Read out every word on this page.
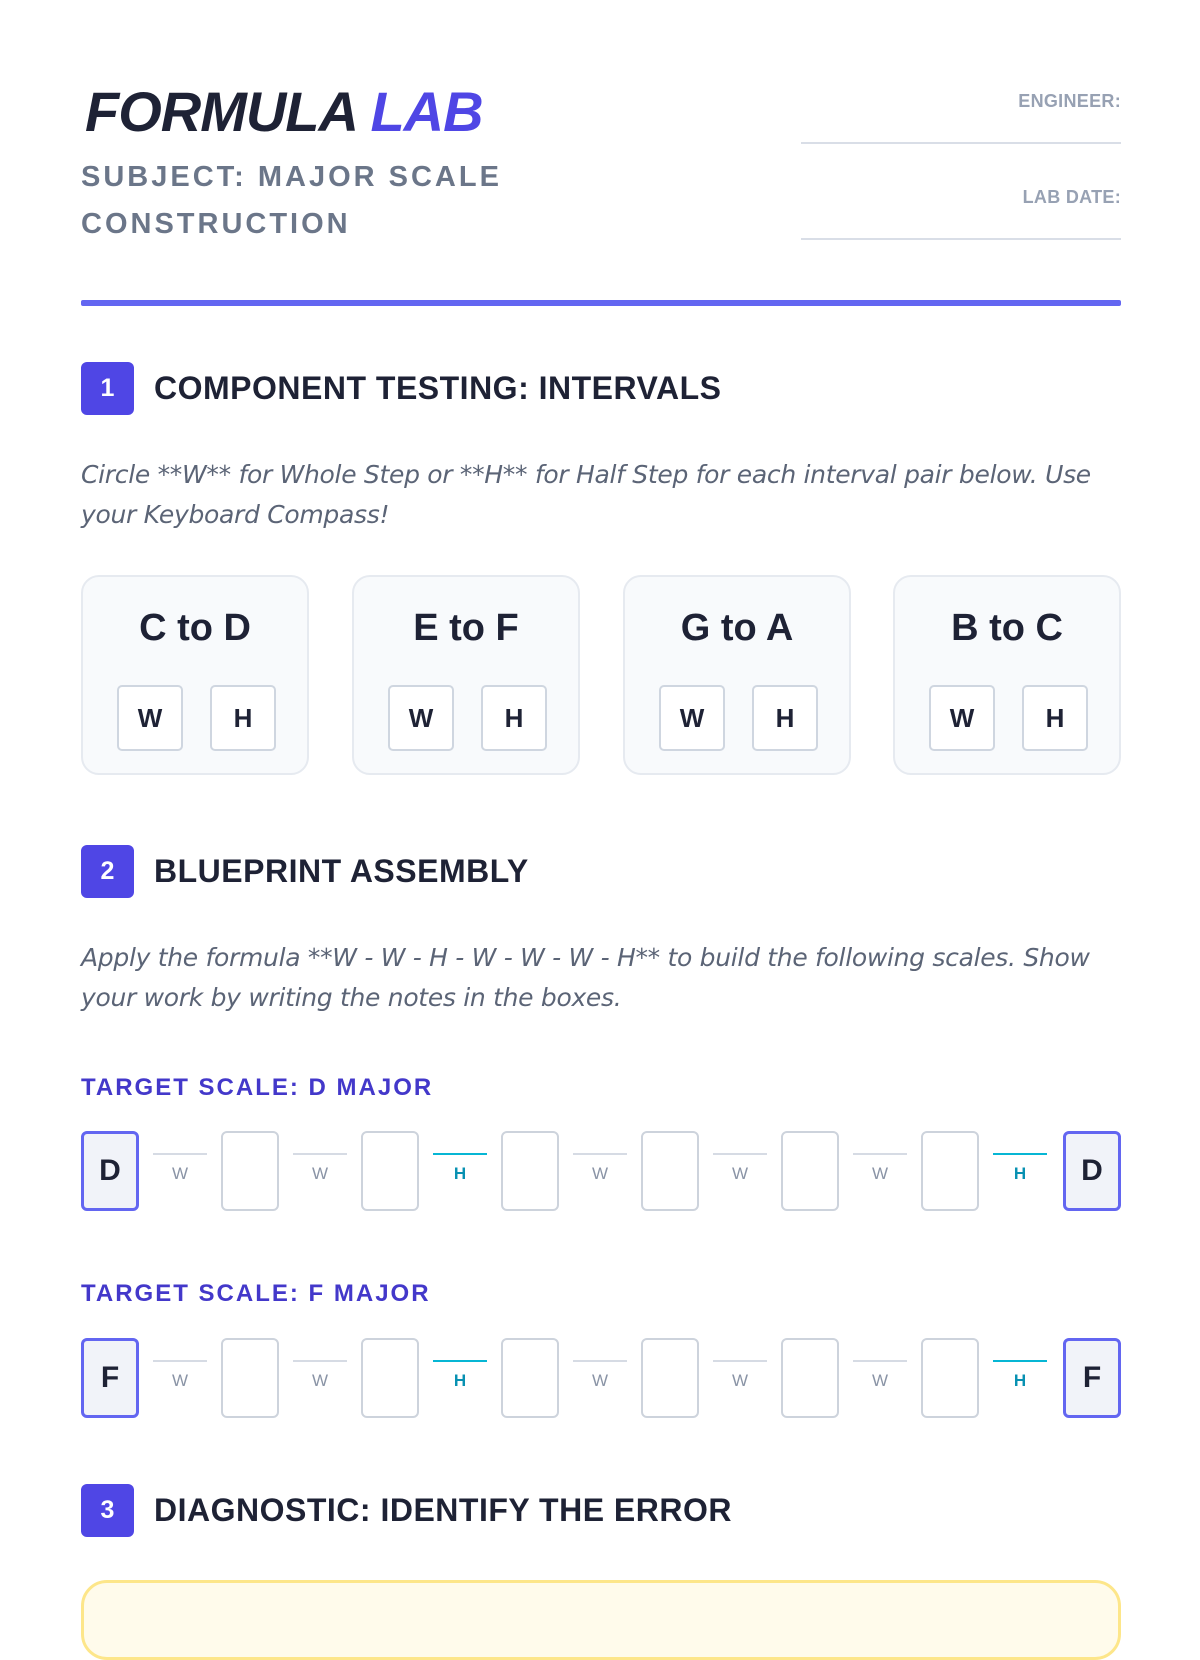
FORMULA LAB
SUBJECT: MAJOR SCALE CONSTRUCTION
ENGINEER:
LAB DATE:
1	COMPONENT TESTING: INTERVALS
Circle **W** for Whole Step or **H** for Half Step for each interval pair below. Use your Keyboard Compass!
C to D
W	H
E to F
W	H
G to A
W	H
B to C
W	H
2	BLUEPRINT ASSEMBLY
Apply the formula **W - W - H - W - W - W - H** to build the following scales. Show your work by writing the notes in the boxes.
TARGET SCALE: D MAJOR
D	D
W	W	H	W	W	W	H
TARGET SCALE: F MAJOR
F	F
W	W	H	W	W	W	H
3	DIAGNOSTIC: IDENTIFY THE ERROR
